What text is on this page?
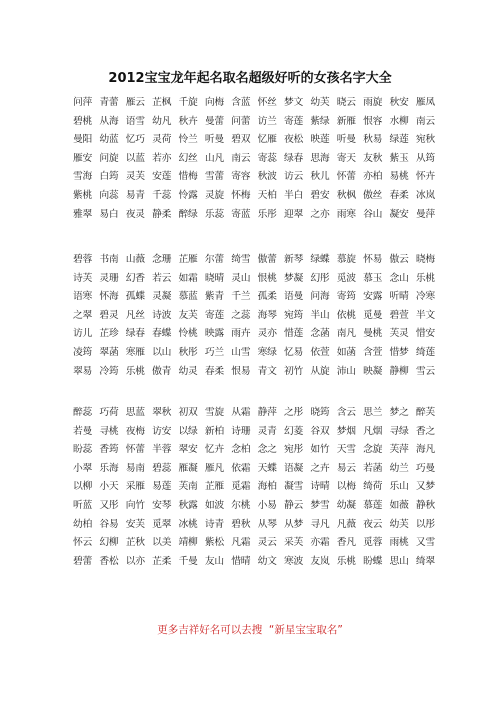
2012宝宝龙年起名取名超级好听的女孩名字大全
问萍 青蕾 雁云 芷枫 千旋 向梅 含蓝 怀丝 梦文 幼芙 晓云 雨旋 秋安 雁凤
碧桃 从海 语雪 幼凡 秋卉 曼蕾 问蕾 访兰 寄莲 紫绿 新雁 恨容 水柳 南云
曼阳 幼蓝 忆巧 灵荷 怜兰 听曼 碧双 忆雁 夜松 映莲 听曼 秋易 绿莲 宛秋
雁安 问旋 以蓝 若亦 幻丝 山凡 南云 寄蕊 绿春 思海 寄天 友秋 紫玉 从筠
雪海 白筠 灵芙 安莲 惜梅 雪蕾 寄容 秋波 访云 秋儿 怀蕾 亦柏 易桃 怀卉
紫桃 向蕊 易青 千蕊 怜露 灵旋 怀梅 天柏 半白 碧安 秋枫 傲丝 春柔 冰岚
雅翠 易白 夜灵 静柔 醉绿 乐蕊 寄蓝 乐彤 迎翠 之亦 雨寒 谷山 凝安 曼萍
碧蓉 书南 山薇 念珊 芷雁 尔蕾 绮雪 傲蕾 新琴 绿蝶 慕旋 怀易 傲云 晓梅
诗芙 灵珊 幻香 若云 如霜 晓晴 灵山 恨桃 梦凝 幻彤 觅波 慕玉 念山 乐桃
语寒 怀海 孤蝶 灵凝 慕蓝 紫青 千兰 孤柔 语曼 问海 寄筠 安露 听晴 冷寒
之翠 碧灵 凡丝 诗波 友芙 寄莲 之蕊 海琴 宛筠 半山 依桃 觅曼 碧萱 半文
访儿 芷珍 绿春 春蝶 怜桃 映露 雨卉 灵亦 惜莲 念菡 南凡 曼桃 芙灵 惜安
凌筠 翠菡 寒雁 以山 秋彤 巧兰 山雪 寒绿 忆易 依萱 如菡 含萱 惜梦 绮莲
翠易 冷筠 乐桃 傲青 幼灵 春柔 恨易 青文 初竹 从旋 沛山 映凝 静柳 雪云
醉蕊 巧荷 思蓝 翠秋 初双 雪旋 从霜 静萍 之彤 晓筠 含云 思兰 梦之 醉芙
若曼 寻桃 夜梅 访安 以绿 新柏 诗珊 灵青 幻菱 谷双 梦烟 凡烟 寻绿 香之
盼蕊 香筠 怀蕾 半蓉 翠安 忆卉 念柏 念之 宛彤 如竹 天雪 念旋 芙萍 海凡
小翠 乐海 易南 碧蕊 雁凝 雁凡 依霜 天蝶 语凝 之卉 易云 若菡 幼兰 巧曼
以柳 小天 采雁 易莲 芙南 芷雁 觅霜 海柏 凝雪 诗晴 以梅 绮荷 乐山 又梦
听蓝 又彤 向竹 安琴 秋露 如波 尔桃 小易 静云 梦雪 幼凝 慕莲 如薇 静秋
幼柏 谷易 安芙 觅翠 冰桃 诗青 碧秋 从琴 从梦 寻凡 凡薇 夜云 幼芙 以彤
怀云 幻柳 芷秋 以美 靖柳 紫松 凡霜 灵云 采芙 亦霜 香凡 觅蓉 雨桃 又雪
碧蕾 香松 以亦 芷柔 千曼 友山 惜晴 幼文 寒波 友岚 乐桃 盼蝶 思山 绮翠
更多吉祥好名可以去搜  “新星宝宝取名”
